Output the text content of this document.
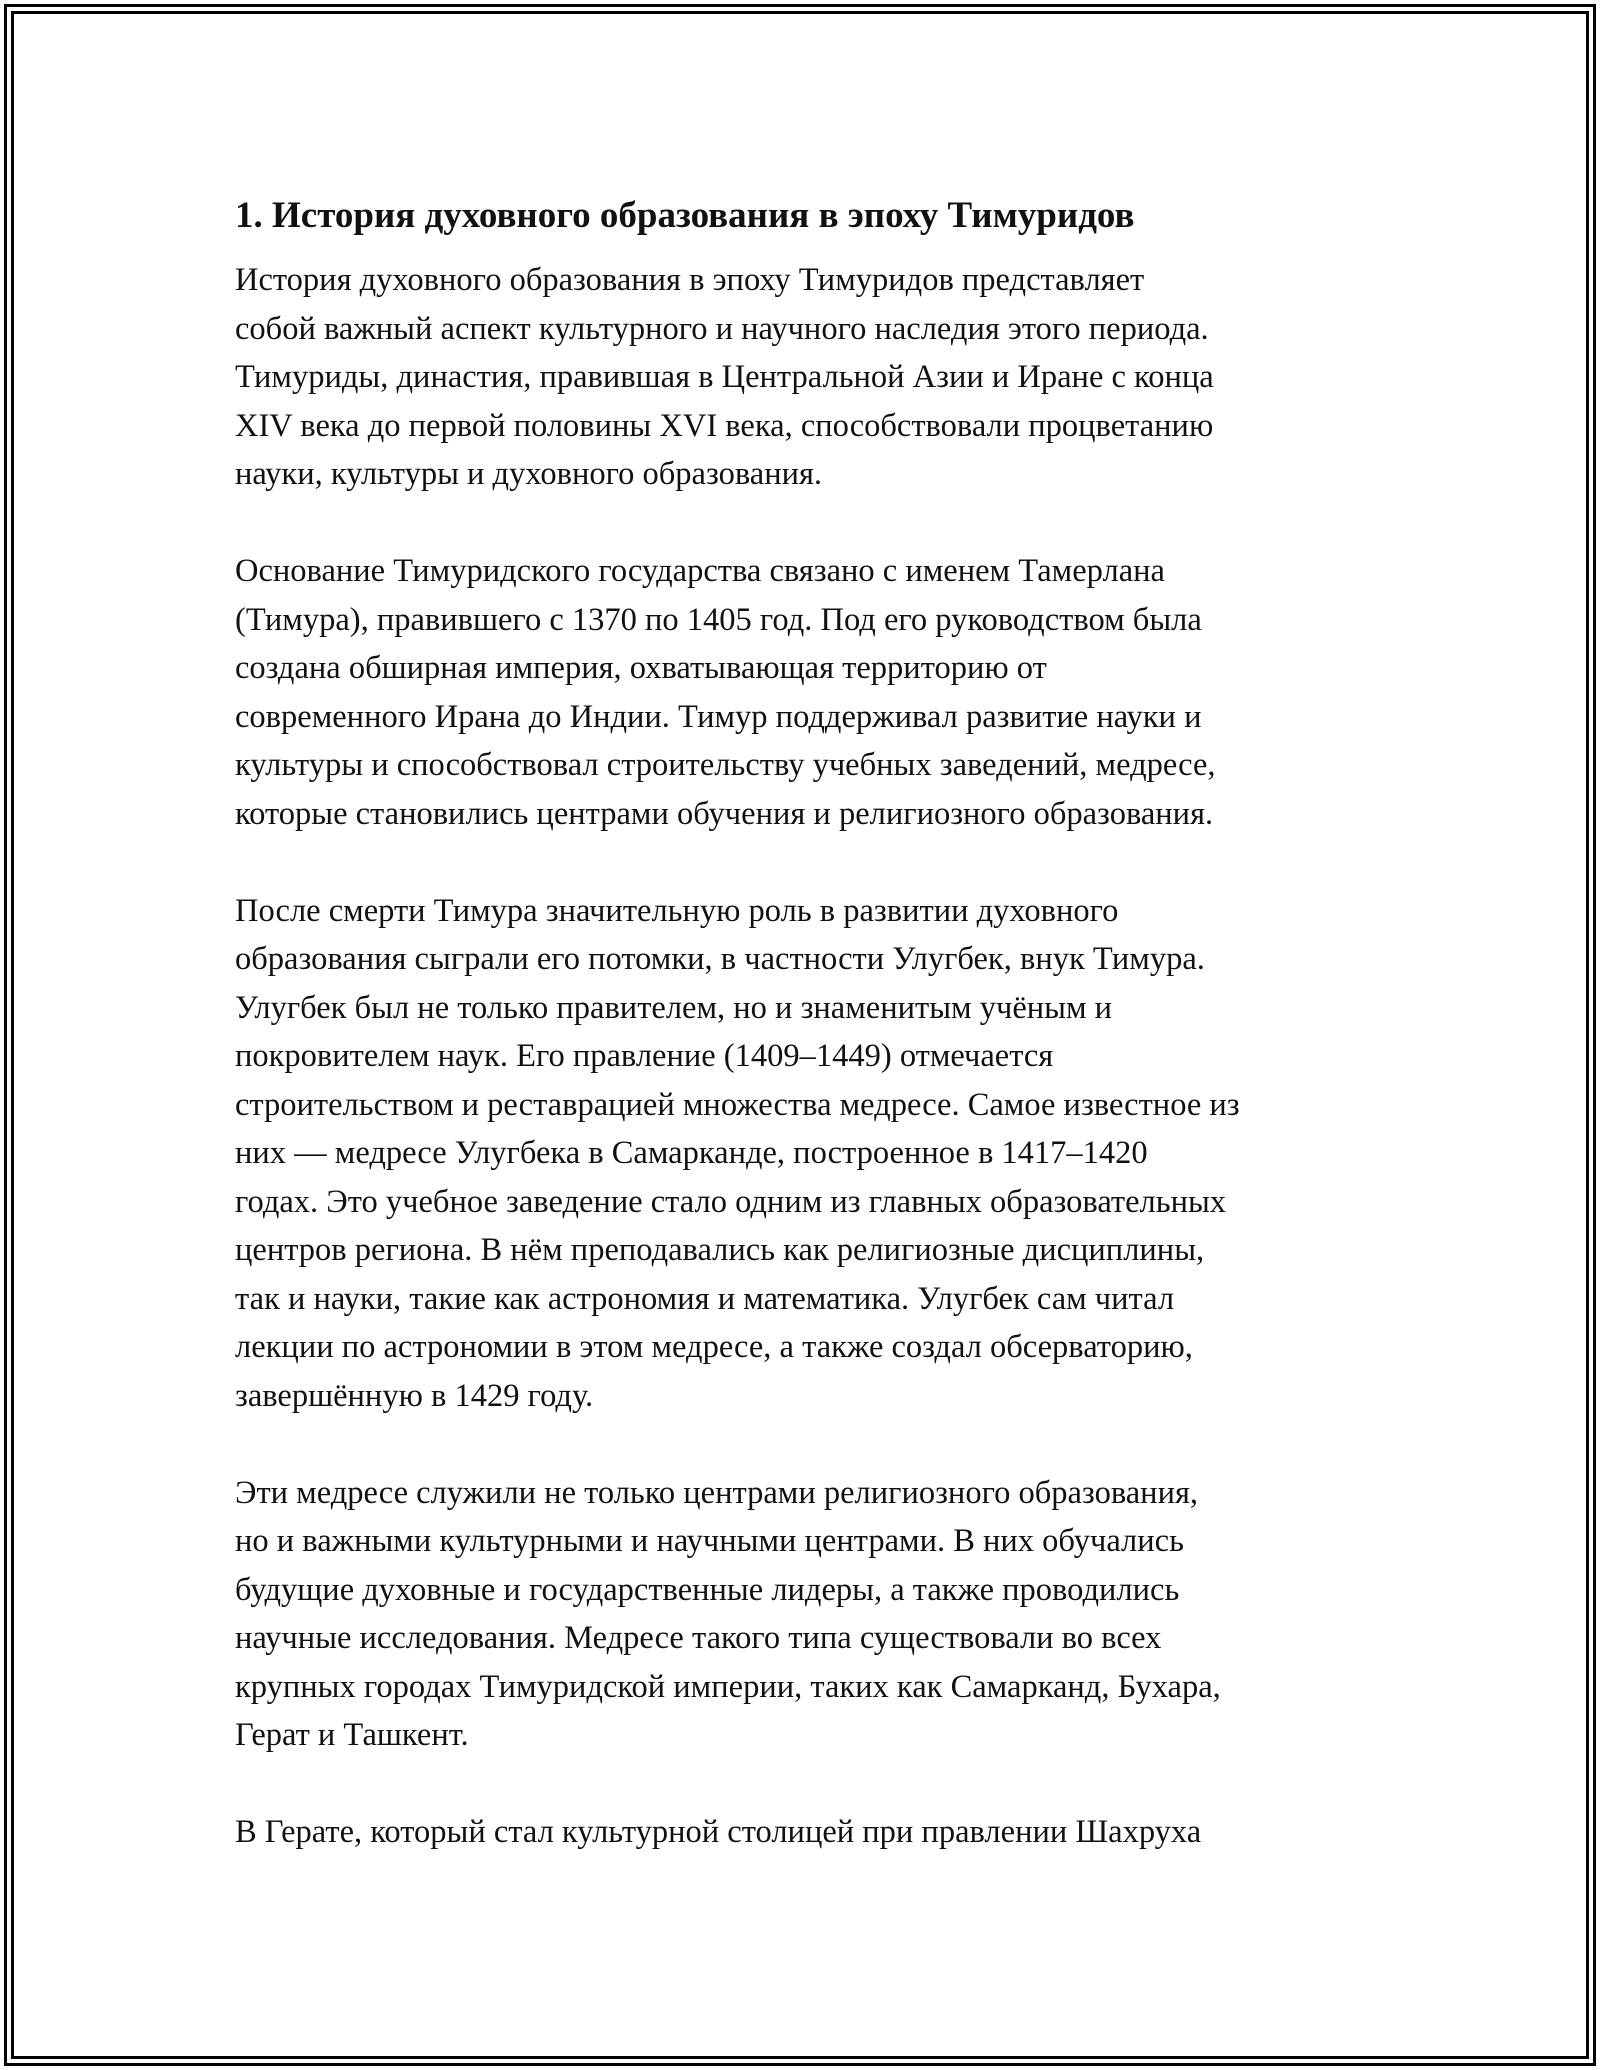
1. История духовного образования в эпоху Тимуридов
История духовного образования в эпоху Тимуридов представляет
собой важный аспект культурного и научного наследия этого периода.
Тимуриды, династия, правившая в Центральной Азии и Иране с конца
XIV века до первой половины XVI века, способствовали процветанию
науки, культуры и духовного образования.
Основание Тимуридского государства связано с именем Тамерлана
(Тимура), правившего с 1370 по 1405 год. Под его руководством была
создана обширная империя, охватывающая территорию от
современного Ирана до Индии. Тимур поддерживал развитие науки и
культуры и способствовал строительству учебных заведений, медресе,
которые становились центрами обучения и религиозного образования.
После смерти Тимура значительную роль в развитии духовного
образования сыграли его потомки, в частности Улугбек, внук Тимура.
Улугбек был не только правителем, но и знаменитым учёным и
покровителем наук. Его правление (1409–1449) отмечается
строительством и реставрацией множества медресе. Самое известное из
них — медресе Улугбека в Самарканде, построенное в 1417–1420
годах. Это учебное заведение стало одним из главных образовательных
центров региона. В нём преподавались как религиозные дисциплины,
так и науки, такие как астрономия и математика. Улугбек сам читал
лекции по астрономии в этом медресе, а также создал обсерваторию,
завершённую в 1429 году.
Эти медресе служили не только центрами религиозного образования,
но и важными культурными и научными центрами. В них обучались
будущие духовные и государственные лидеры, а также проводились
научные исследования. Медресе такого типа существовали во всех
крупных городах Тимуридской империи, таких как Самарканд, Бухара,
Герат и Ташкент.
В Герате, который стал культурной столицей при правлении Шахруха
